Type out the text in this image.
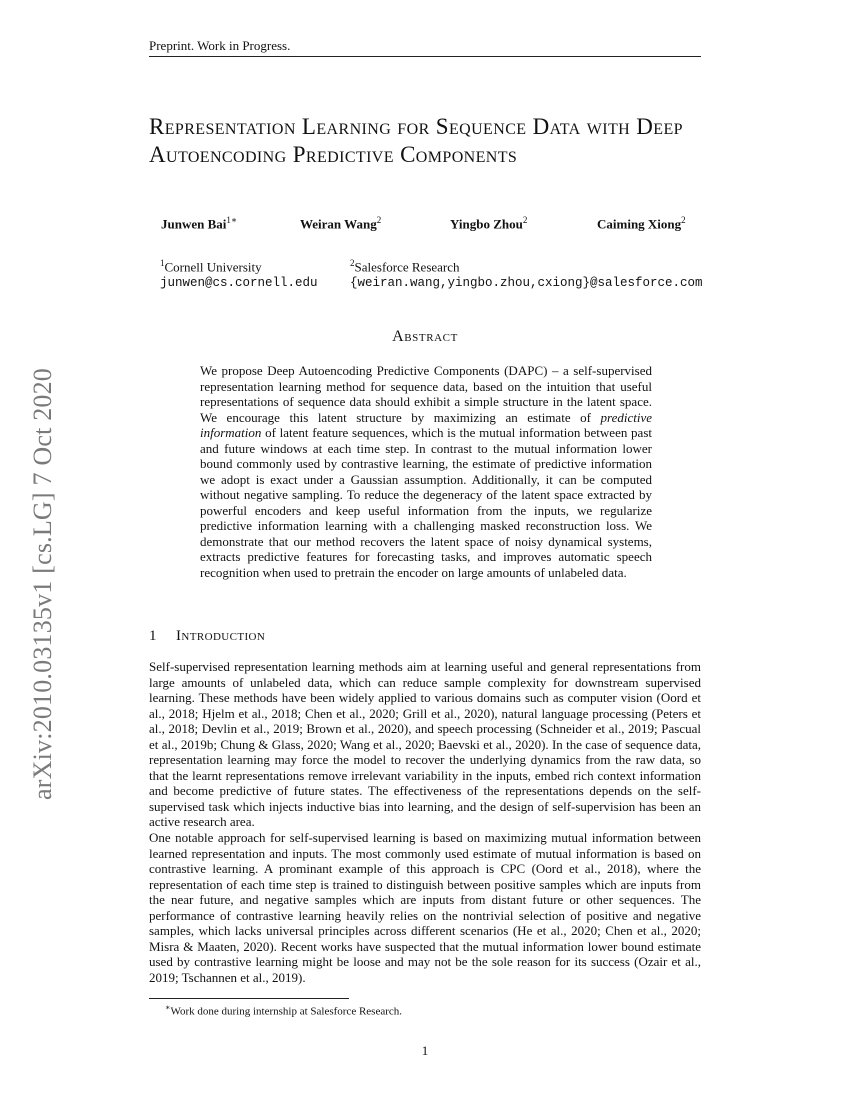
Preprint. Work in Progress.
arXiv:2010.03135v1 [cs.LG] 7 Oct 2020
Representation Learning for Sequence Data with Deep Autoencoding Predictive Components
Junwen Bai$^{1∗}$	Weiran Wang$^2$	Yingbo Zhou$^2$	Caiming Xiong$^2$
$^1$Cornell University
junwen@cs.cornell.edu
$^2$Salesforce Research
{weiran.wang,yingbo.zhou,cxiong}@salesforce.com
Abstract

We propose Deep Autoencoding Predictive Components (DAPC) – a self-supervised representation learning method for sequence data, based on the intuition that useful representations of sequence data should exhibit a simple structure in the latent space. We encourage this latent structure by maximizing an estimate of predictive information of latent feature sequences, which is the mutual information between past and future windows at each time step. In contrast to the mutual information lower bound commonly used by contrastive learning, the estimate of predictive information we adopt is exact under a Gaussian assumption. Additionally, it can be computed without negative sampling. To reduce the degeneracy of the latent space extracted by powerful encoders and keep useful information from the inputs, we regularize predictive information learning with a challenging masked reconstruction loss. We demonstrate that our method recovers the latent space of noisy dynamical systems, extracts predictive features for forecasting tasks, and improves automatic speech recognition when used to pretrain the encoder on large amounts of unlabeled data.

1 Introduction

Self-supervised representation learning methods aim at learning useful and general representations from large amounts of unlabeled data, which can reduce sample complexity for downstream supervised learning. These methods have been widely applied to various domains such as computer vision (Oord et al., 2018; Hjelm et al., 2018; Chen et al., 2020; Grill et al., 2020), natural language processing (Peters et al., 2018; Devlin et al., 2019; Brown et al., 2020), and speech processing (Schneider et al., 2019; Pascual et al., 2019b; Chung & Glass, 2020; Wang et al., 2020; Baevski et al., 2020). In the case of sequence data, representation learning may force the model to recover the underlying dynamics from the raw data, so that the learnt representations remove irrelevant variability in the inputs, embed rich context information and become predictive of future states. The effectiveness of the representations depends on the self-supervised task which injects inductive bias into learning, and the design of self-supervision has been an active research area.

One notable approach for self-supervised learning is based on maximizing mutual information between learned representation and inputs. The most commonly used estimate of mutual information is based on contrastive learning. A prominant example of this approach is CPC (Oord et al., 2018), where the representation of each time step is trained to distinguish between positive samples which are inputs from the near future, and negative samples which are inputs from distant future or other sequences. The performance of contrastive learning heavily relies on the nontrivial selection of positive and negative samples, which lacks universal principles across different scenarios (He et al., 2020; Chen et al., 2020; Misra & Maaten, 2020). Recent works have suspected that the mutual information lower bound estimate used by contrastive learning might be loose and may not be the sole reason for its success (Ozair et al., 2019; Tschannen et al., 2019).

∗Work done during internship at Salesforce Research.
1
